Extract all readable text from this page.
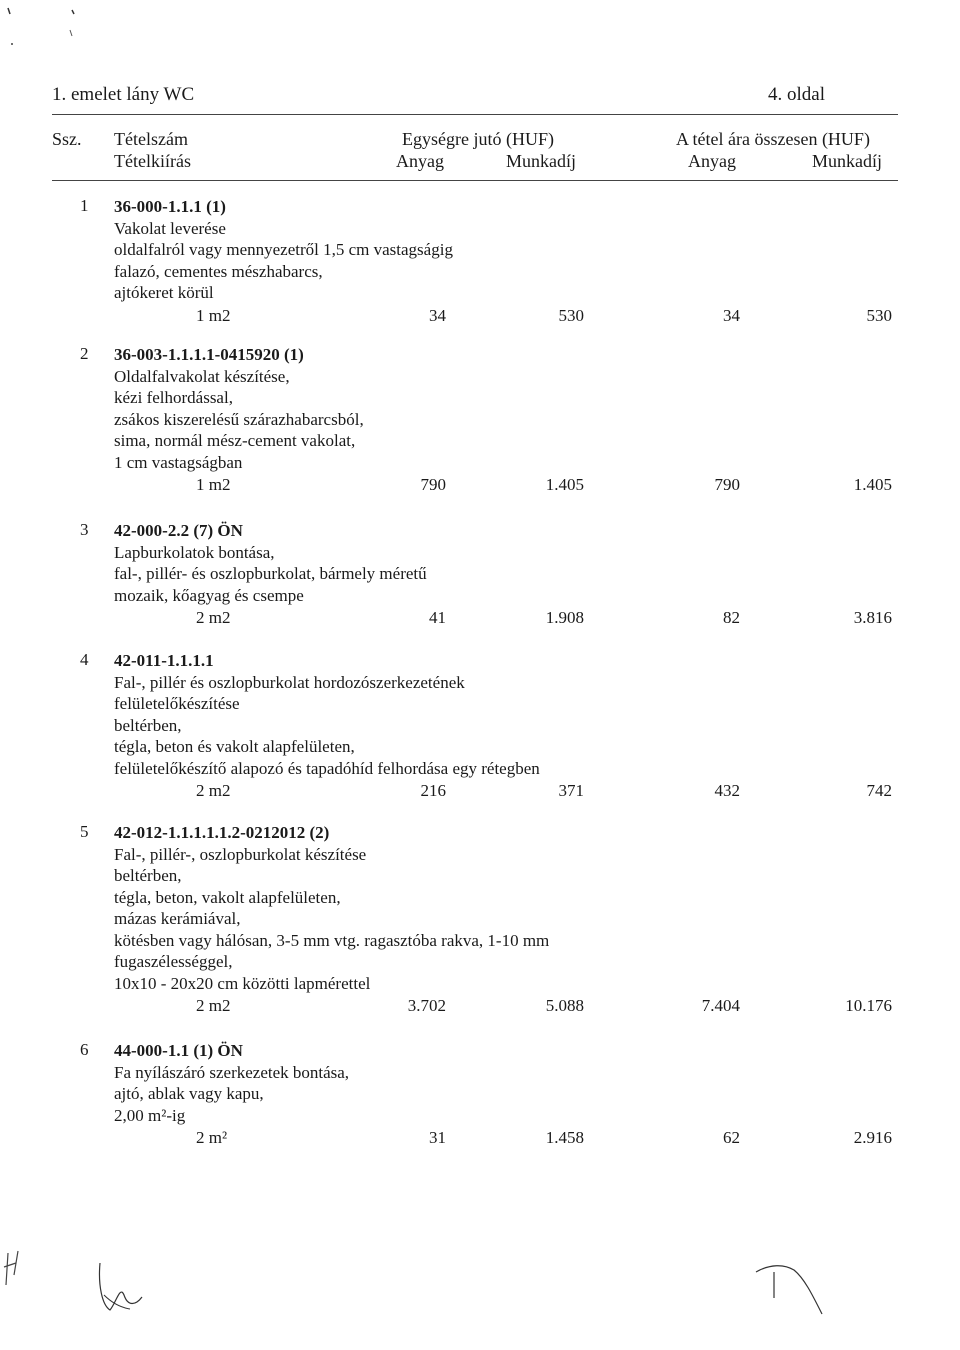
1. emelet lány WC	4. oldal
Ssz. Tételszám
Tételkiírás
Egységre jutó (HUF)
Anyag	Munkadíj
A tétel ára összesen (HUF)
Anyag	Munkadíj
1 36-000-1.1.1 (1)
Vakolat leverése
oldalfalról vagy mennyezetről 1,5 cm vastagságig
falazó, cementes mészhabarcs,
ajtókeret körül
1 m2	34	530	34	530
2 36-003-1.1.1.1-0415920 (1)
Oldalfalvakolat készítése,
kézi felhordással,
zsákos kiszerelésű szárazhabarcsból,
sima, normál mész-cement vakolat,
1 cm vastagságban
1 m2	790	1.405	790	1.405
3 42-000-2.2 (7) ÖN
Lapburkolatok bontása,
fal-, pillér- és oszlopburkolat, bármely méretű
mozaik, kőagyag és csempe
2 m2	41	1.908	82	3.816
4 42-011-1.1.1.1
Fal-, pillér és oszlopburkolat hordozószerkezetének
felületelőkészítése
beltérben,
tégla, beton és vakolt alapfelületen,
felületelőkészítő alapozó és tapadóhíd felhordása egy rétegben
2 m2	216	371	432	742
5 42-012-1.1.1.1.1.2-0212012 (2)
Fal-, pillér-, oszlopburkolat készítése
beltérben,
tégla, beton, vakolt alapfelületen,
mázas kerámiával,
kötésben vagy hálósan, 3-5 mm vtg. ragasztóba rakva, 1-10 mm
fugaszélességgel,
10x10 - 20x20 cm közötti lapmérettel
2 m2	3.702	5.088	7.404	10.176
6 44-000-1.1 (1) ÖN
Fa nyílászáró szerkezetek bontása,
ajtó, ablak vagy kapu,
2,00 m²-ig
2 m²	31	1.458	62	2.916
